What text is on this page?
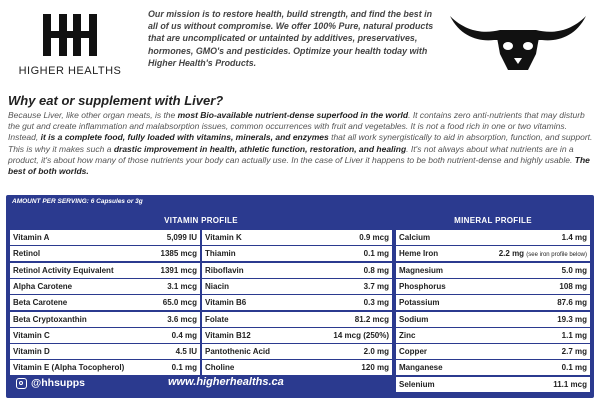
HIGHER HEALTHS
Our mission is to restore health, build strength, and find the best in all of us without compromise. We offer 100% Pure, natural products that are uncomplicated or untainted by additives, preservatives, hormones, GMO's and pesticides. Optimize your health today with Higher Health's Products.
Why eat or supplement with Liver?
Because Liver, like other organ meats, is the most Bio-available nutrient-dense superfood in the world. It contains zero anti-nutrients that may disturb the gut and create inflammation and malabsorption issues, common occurrences with fruit and vegetables. It is not a food rich in one or two vitamins. Instead, it is a complete food, fully loaded with vitamins, minerals, and enzymes that all work synergistically to aid in absorption, function, and support. This is why it makes such a drastic improvement in health, athletic function, restoration, and healing. It's not always about what nutrients are in a product, it's about how many of those nutrients your body can actually use. In the case of Liver it happens to be both nutrient-dense and highly usable. The best of both worlds.
AMOUNT PER SERVING: 6 Capsules or 3g
VITAMIN PROFILE	MINERAL PROFILE
Vitamin A	5,099 IU
Retinol	1385 mcg
Retinol Activity Equivalent	1391 mcg
Alpha Carotene	3.1 mcg
Beta Carotene	65.0 mcg
Beta Cryptoxanthin	3.6 mcg
Vitamin C	0.4 mg
Vitamin D	4.5 IU
Vitamin E (Alpha Tocopherol)	0.1 mg
Vitamin K	0.9 mcg
Thiamin	0.1 mg
Riboflavin	0.8 mg
Niacin	3.7 mg
Vitamin B6	0.3 mg
Folate	81.2 mcg
Vitamin B12	14 mcg (250%)
Pantothenic Acid	2.0 mg
Choline	120 mg
Calcium	1.4 mg
Heme Iron	2.2 mg (see iron profile below)
Magnesium	5.0 mg
Phosphorus	108 mg
Potassium	87.6 mg
Sodium	19.3 mg
Zinc	1.1 mg
Copper	2.7 mg
Manganese	0.1 mg
Selenium	11.1 mcg
@hhsupps	www.higherhealths.ca
